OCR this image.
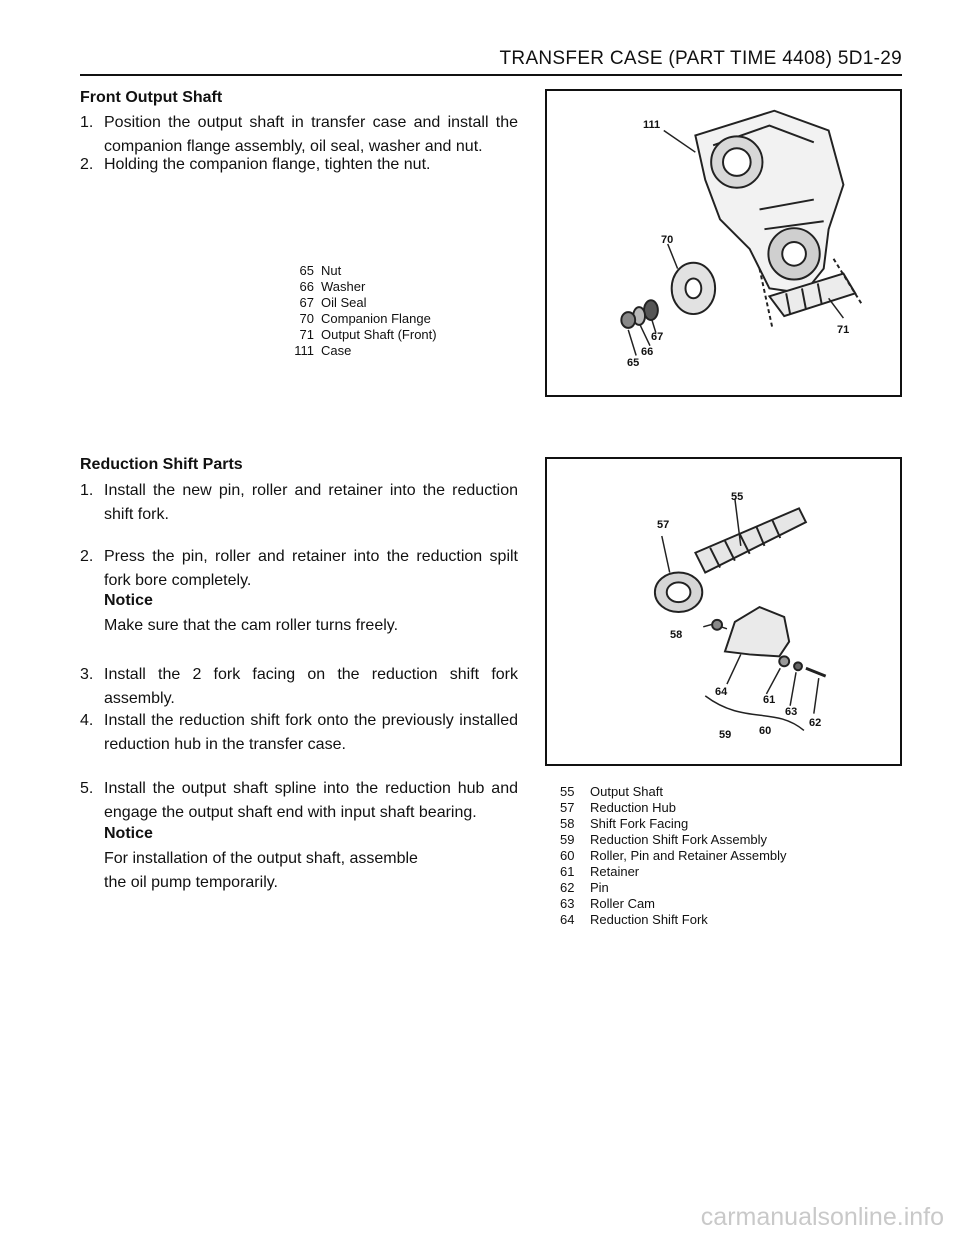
TRANSFER CASE (PART TIME 4408) 5D1-29
Front Output Shaft
1. Position the output shaft in transfer case and install the companion flange assembly, oil seal, washer and nut.
2. Holding the companion flange, tighten the nut.
65 Nut
66 Washer
67 Oil Seal
70 Companion Flange
71 Output Shaft (Front)
111 Case
111
70
67
66
65
71
Reduction Shift Parts
1. Install the new pin, roller and retainer into the reduction shift fork.
2. Press the pin, roller and retainer into the reduction spilt fork bore completely.
Notice
Make sure that the cam roller turns freely.
3. Install the 2 fork facing on the reduction shift fork assembly.
4. Install the reduction shift fork onto the previously installed reduction hub in the transfer case.
5. Install the output shaft spline into the reduction hub and engage the output shaft end with input shaft bearing.
Notice
For installation of the output shaft, assemble
the oil pump temporarily.
55
57
58
64
61
63
62
59	60
55	Output Shaft
57	Reduction Hub
58	Shift Fork Facing
59	Reduction Shift Fork Assembly
60	Roller, Pin and Retainer Assembly
61	Retainer
62	Pin
63	Roller Cam
64	Reduction Shift Fork
carmanualsonline.info
